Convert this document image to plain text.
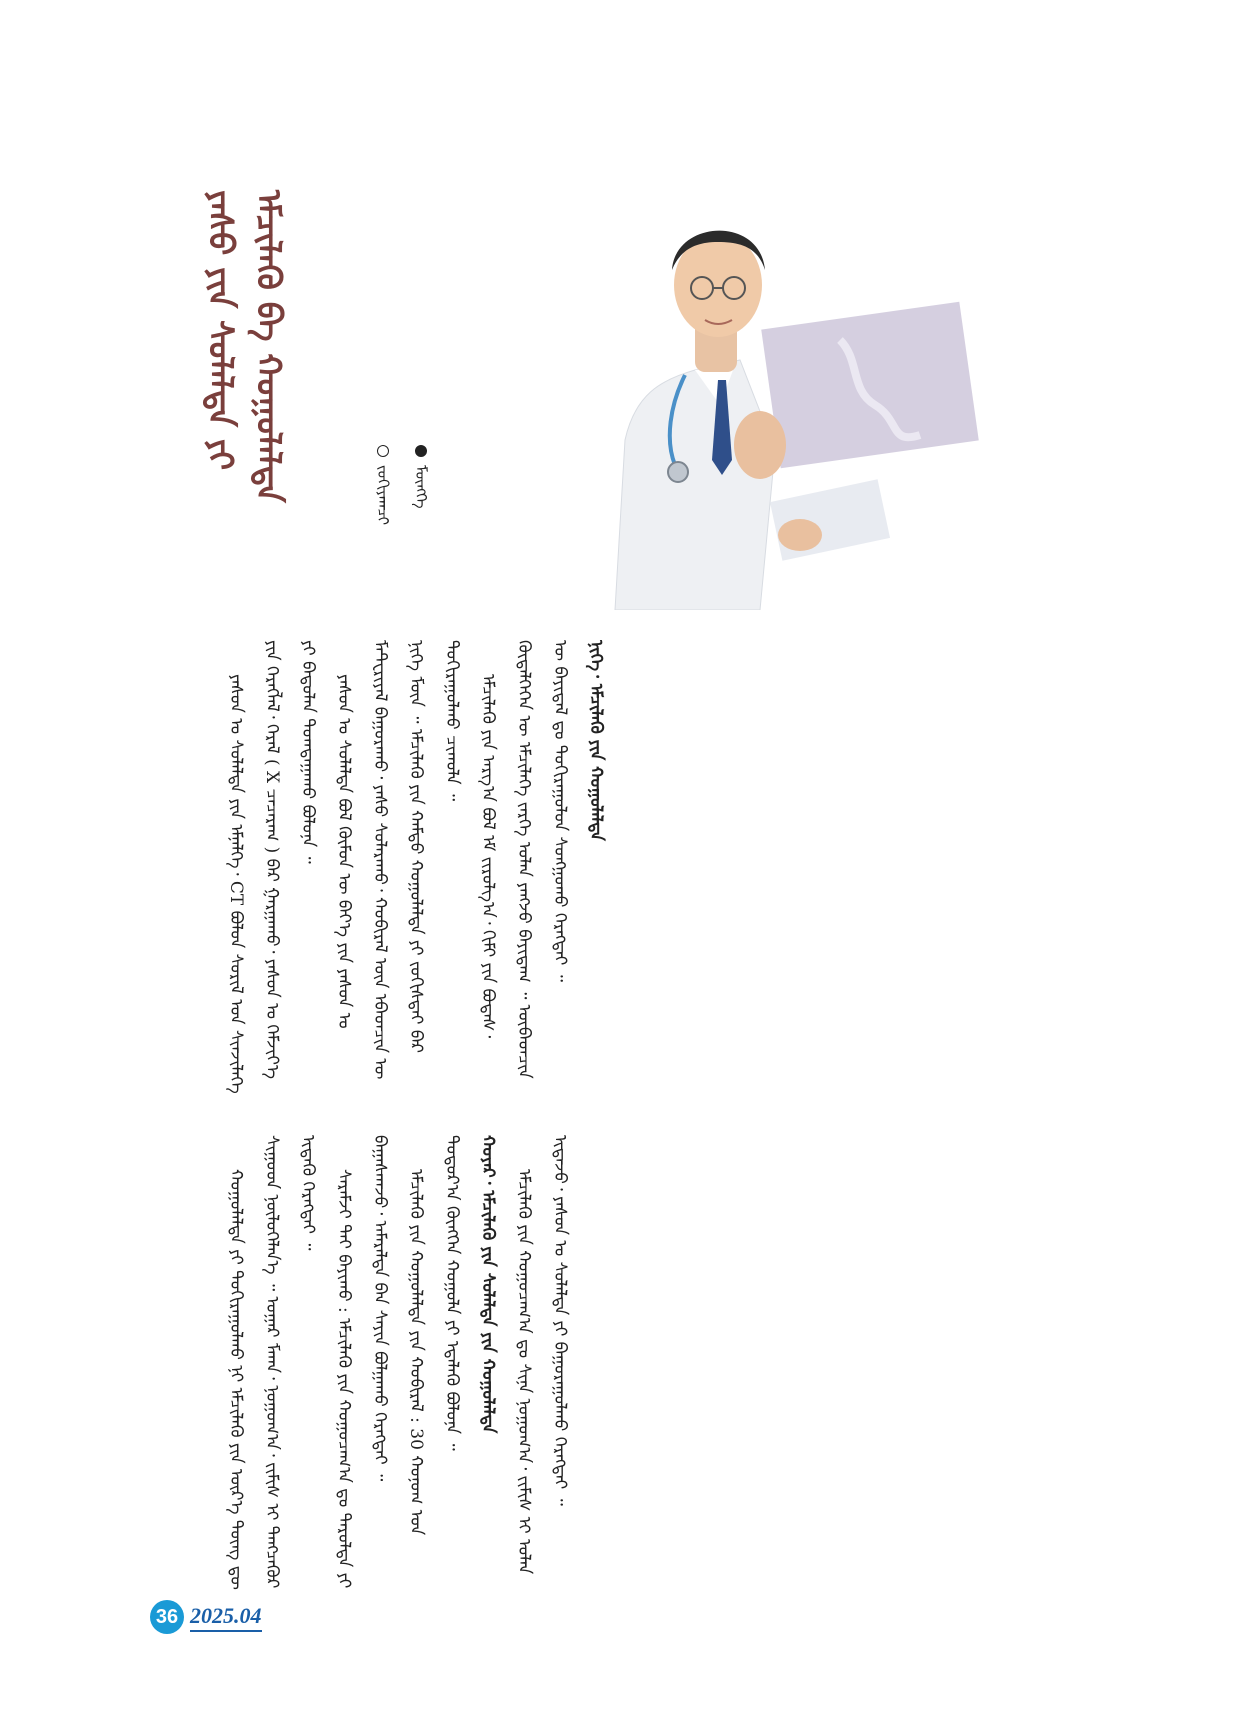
ᠶᠠᠰᠤ ᠶᠢᠨ ᠰᠤᠯᠠᠯᠲᠠ ᠶᠢ ᠡᠮᠴᠢᠯᠡᠬᠦ ᠪᠠ ᠬᠣᠭᠤᠯᠠᠯᠲᠠ	ᠵᠣᠬᠢᠶᠠᠭᠴᠢ ᠮᠥᠩᠬᠡ

ᠶᠠᠰᠤᠨ ᠤ ᠰᠤᠯᠠᠯᠲᠠ ᠶᠢᠨ ᠡᠮᠨᠡᠯᠭᠡ᠂ CT ᠪᠣᠯᠣᠨ ᠰᠣᠷᠢᠯ ᠤᠨ ᠰᠢᠨᠵᠢᠯᠡᠭᠡ ᠶᠢᠨ ᠬᠡᠷᠡᠭᠯᠡᠯ᠂ ᠭᠡᠷᠡᠯ ( X ᠴᠠᠴᠠᠷᠠᠭ ) ᠪᠡᠷ ᠭᠠᠷᠭᠠᠬᠤ᠂ ᠶᠠᠰᠤᠨ ᠤ ᠬᠡᠮᠵᠢᠶ᠎ᠡ ᠶᠢ ᠪᠠᠲᠤᠯᠠᠨ ᠲᠣᠭᠲᠠᠭᠠᠬᠤ ᠪᠣᠯᠤᠨᠠ ᠃ ᠶᠠᠰᠤᠨ ᠤ ᠰᠤᠯᠠᠯᠲᠠ ᠪᠣᠯ ᠬᠦᠮᠦᠨ ᠦ ᠪᠡᠶ᠎ᠡ ᠶᠢᠨ ᠶᠠᠰᠤᠨ ᠤ ᠮᠠᠲ᠋ᠧᠷᠢᠶᠠᠯ ᠪᠠᠭᠤᠷᠠᠬᠤ᠂ ᠶᠠᠰᠤ ᠰᠤᠯᠠᠷᠠᠬᠤ᠂ ᠬᠤᠪᠢᠷᠠᠯ ᠦᠨ ᠡᠪᠡᠳᠴᠢᠨ ᠦ ᠨᠢᠭᠡ ᠮᠥᠨ ᠃ ᠡᠮᠴᠢᠯᠡᠬᠦ ᠶᠢᠨ ᠬᠠᠮᠲᠤ ᠬᠣᠭᠤᠯᠠᠯᠲᠠ ᠶᠢ ᠵᠣᠬᠢᠰᠲᠠᠶ ᠪᠠᠷ ᠲᠣᠬᠢᠷᠠᠭᠤᠯᠬᠤ ᠴᠢᠬᠤᠯᠠ ᠃ ᠡᠮᠴᠢᠯᠡᠬᠦ ᠶᠢᠨ ᠠᠷᠭ᠎ᠠ ᠪᠣᠯ ᠡᠮ ᠵᠢᠷᠤᠯᠭ᠎ᠠ᠂ ᠬᠢᠮᠢ ᠶᠢᠨ ᠪᠣᠳᠠᠰ᠂ ᠬᠥᠳᠡᠯᠭᠡᠭᠡᠨ ᠦ ᠡᠮᠴᠢᠯᠡᠭᠡ ᠵᠡᠷᠭᠡ ᠣᠯᠠᠨ ᠶᠠᠩᠵᠤ ᠪᠠᠶᠢᠳᠠᠭ ᠃ ᠥᠪᠡᠳᠴᠢᠨ ᠦ ᠪᠠᠶᠢᠳᠠᠯ ᠳᠤ ᠲᠣᠬᠢᠷᠠᠭᠤᠯᠤᠨ ᠰᠣᠩᠭᠣᠬᠤ ᠬᠡᠷᠡᠭᠲᠡᠶ ᠃ ᠨᠢᠭᠡ᠂ ᠡᠮᠴᠢᠯᠡᠬᠦ ᠶᠢᠨ ᠬᠣᠭᠤᠯᠠᠯᠲᠠ

ᠬᠣᠭᠤᠯᠠᠯᠲᠠ ᠶᠢ ᠲᠣᠬᠢᠷᠠᠭᠤᠯᠬᠤ ᠨᠢ ᠡᠮᠴᠢᠯᠡᠬᠦ ᠶᠢᠨ ᠦᠷ᠎ᠡ ᠳᠦᠩ ᠳᠦ ᠰᠢᠭᠤᠳ ᠨᠥᠯᠥᠭᠡᠯᠡᠨ᠎ᠡ ᠃ ᠤᠭᠠᠷ ᠮᠠᠬᠠ᠂ ᠨᠣᠭᠣᠭ᠎ᠠ᠂ ᠵᠢᠮᠢᠰ ᠢ ᠲᠡᠩᠴᠡᠭᠦᠷ ᠢᠳᠡᠬᠦ ᠬᠡᠷᠡᠭᠲᠡᠶ ᠃ ᠰᠡᠷᠡᠮᠵᠢ ᠲᠠᠢ ᠪᠠᠶᠢᠬᠤ : ᠡᠮᠴᠢᠯᠡᠬᠦ ᠶᠢᠨ ᠬᠤᠭᠤᠴᠠᠭ᠎ᠠ ᠳᠤ ᠳᠠᠷᠤᠯᠲᠠ ᠶᠢ ᠪᠠᠭᠠᠰᠬᠠᠵᠤ᠂ ᠠᠮᠠᠷᠠᠯᠲᠠ ᠪᠠᠨ ᠰᠠᠶᠢᠨ ᠪᠣᠯᠭᠠᠬᠤ ᠬᠡᠷᠡᠭᠲᠡᠶ ᠃ ᠡᠮᠴᠢᠯᠡᠬᠦ ᠶᠢᠨ ᠬᠣᠭᠤᠯᠠᠯᠲᠠ ᠶᠢᠨ ᠬᠤᠪᠢᠷᠠᠯ : 30 ᠬᠣᠨᠣᠭ ᠤᠨ ᠳᠣᠲᠣᠷ᠎ᠠ ᠬᠥᠩᠭᠡᠨ ᠬᠣᠭᠤᠯᠠ ᠶᠢ ᠡᠳᠡᠯᠡᠬᠦ ᠪᠣᠯᠤᠨᠠ ᠃ ᠬᠣᠶᠠᠷ᠂ ᠡᠮᠴᠢᠯᠡᠬᠦ ᠶᠢᠨ ᠰᠤᠯᠠᠯᠲᠠ ᠶᠢᠨ ᠬᠣᠭᠤᠯᠠᠯᠲᠠ ᠡᠮᠴᠢᠯᠡᠬᠦ ᠶᠢᠨ ᠬᠤᠭᠤᠴᠠᠭ᠎ᠠ ᠳᠤ ᠰᠢᠨᠡ ᠨᠣᠭᠣᠭ᠎ᠠ᠂ ᠵᠢᠮᠢᠰ ᠢ ᠣᠯᠠᠨ ᠢᠳᠡᠵᠦ᠂ ᠶᠠᠰᠤᠨ ᠤ ᠰᠤᠯᠠᠯᠲᠠ ᠶᠢ ᠪᠠᠭᠤᠷᠠᠭᠤᠯᠬᠤ ᠬᠡᠷᠡᠭᠲᠡᠶ ᠃

36 2025.04
